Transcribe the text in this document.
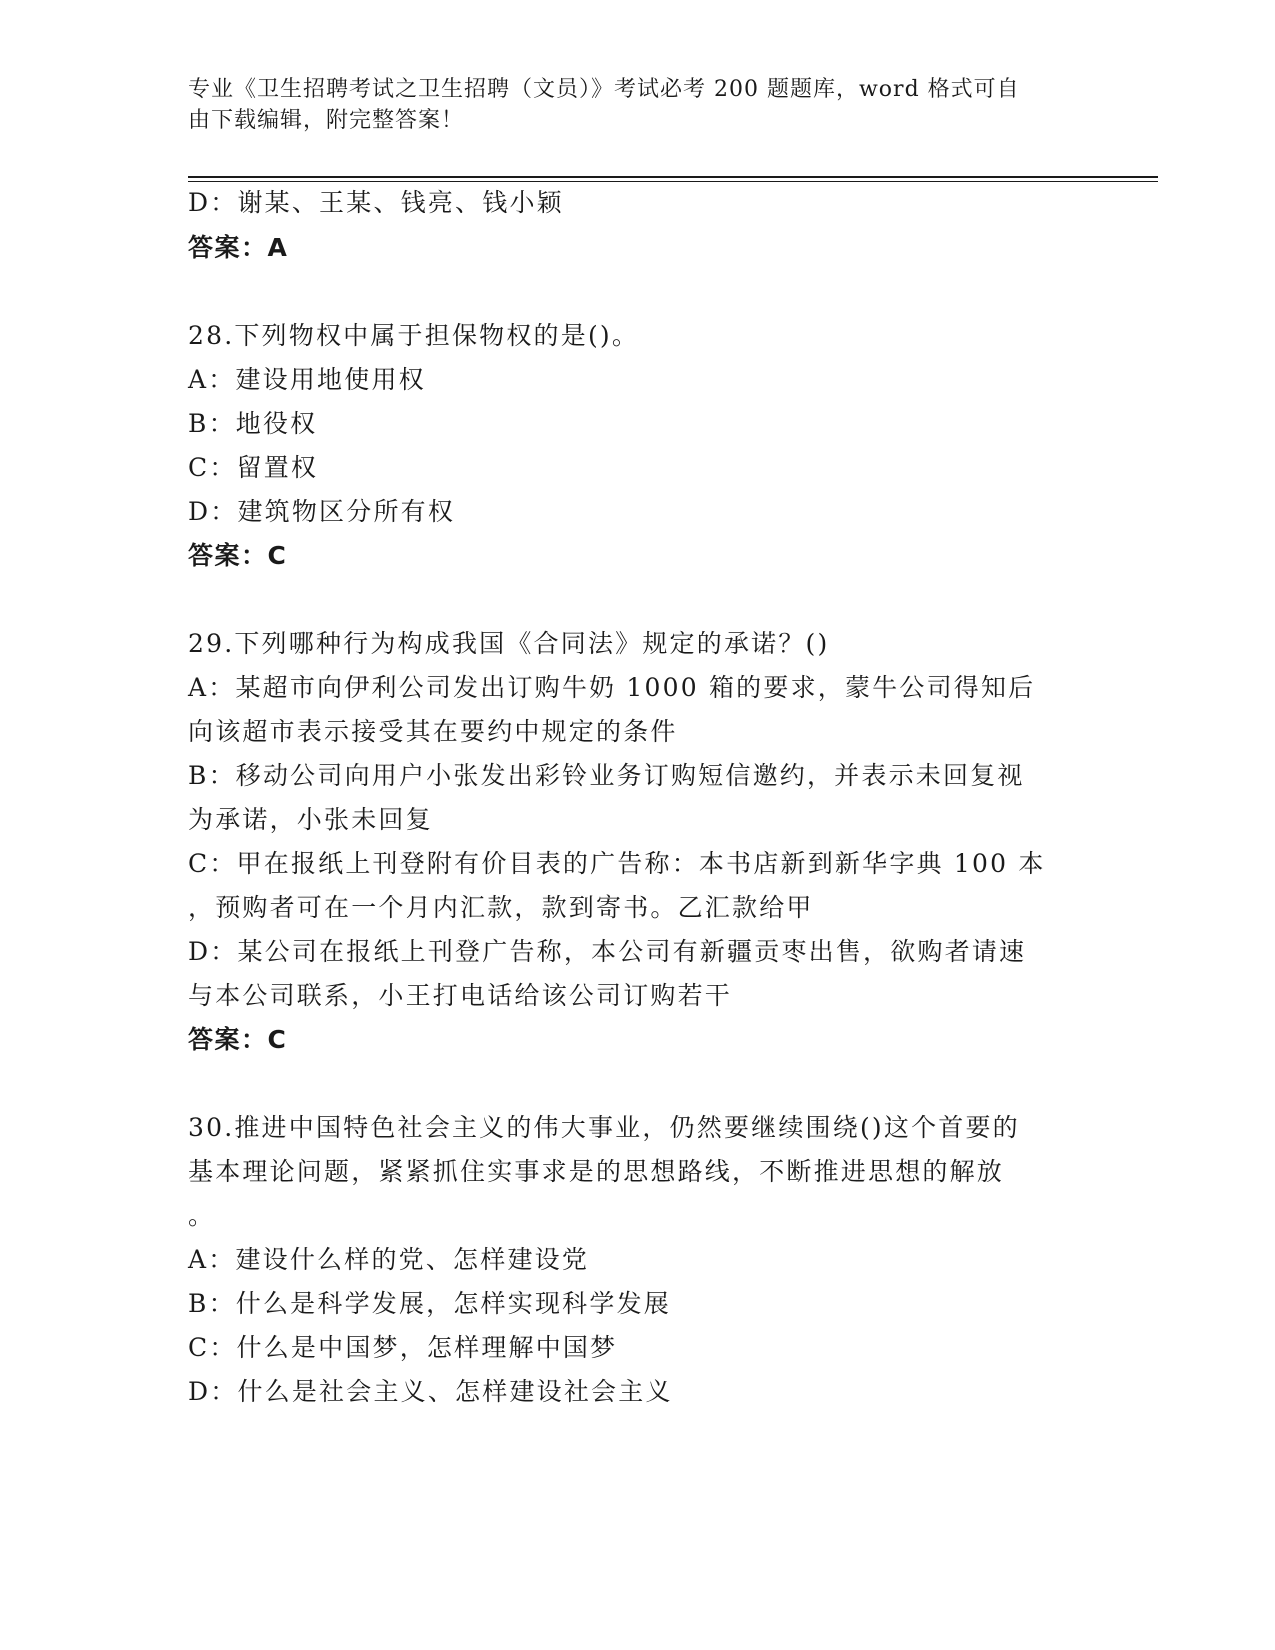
专业《卫生招聘考试之卫生招聘（文员）》考试必考 200 题题库，word 格式可自
由下载编辑，附完整答案！
D：谢某、王某、钱亮、钱小颖
答案：A
28.下列物权中属于担保物权的是()。
A：建设用地使用权
B：地役权
C：留置权
D：建筑物区分所有权
答案：C
29.下列哪种行为构成我国《合同法》规定的承诺？()
A：某超市向伊利公司发出订购牛奶 1000 箱的要求，蒙牛公司得知后
向该超市表示接受其在要约中规定的条件
B：移动公司向用户小张发出彩铃业务订购短信邀约，并表示未回复视
为承诺，小张未回复
C：甲在报纸上刊登附有价目表的广告称：本书店新到新华字典 100 本
，预购者可在一个月内汇款，款到寄书。乙汇款给甲
D：某公司在报纸上刊登广告称，本公司有新疆贡枣出售，欲购者请速
与本公司联系，小王打电话给该公司订购若干
答案：C
30.推进中国特色社会主义的伟大事业，仍然要继续围绕()这个首要的
基本理论问题，紧紧抓住实事求是的思想路线，不断推进思想的解放
。
A：建设什么样的党、怎样建设党
B：什么是科学发展，怎样实现科学发展
C：什么是中国梦，怎样理解中国梦
D：什么是社会主义、怎样建设社会主义
